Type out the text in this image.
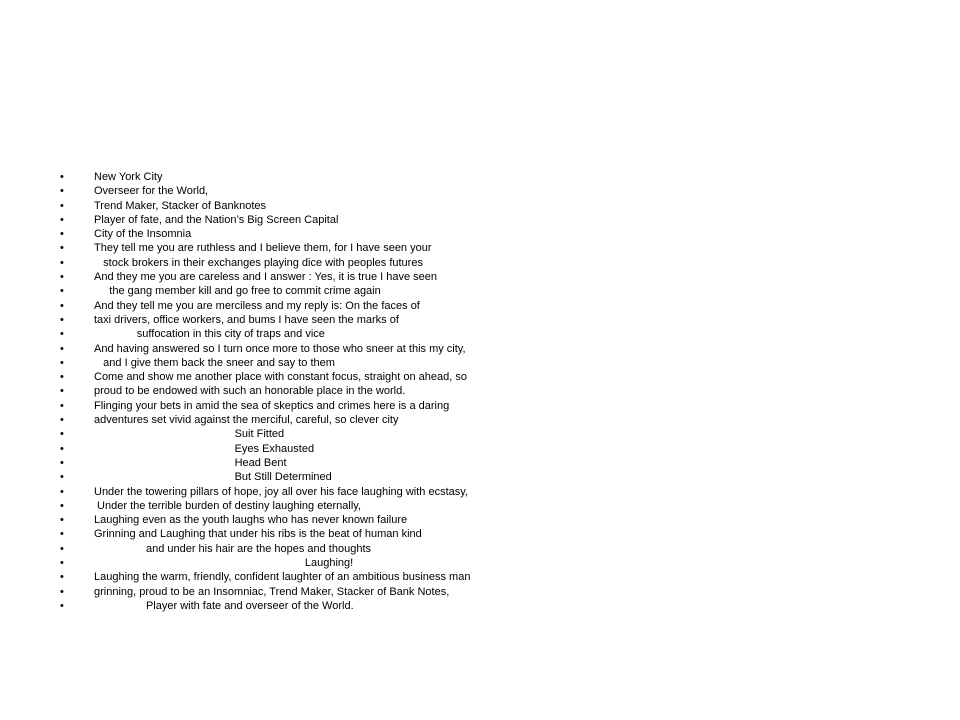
•	New York City
•	Overseer for the World,
•	Trend Maker, Stacker of Banknotes
•	Player of fate, and the Nation’s Big Screen Capital
•	City of the Insomnia
•	They tell me you are ruthless and I believe them, for I have seen your
•	stock brokers in their exchanges playing dice with peoples futures
•	And they me you are careless and I answer : Yes, it is true I have seen
•	the gang member kill and go free to commit crime again
•	And they tell me you are merciless and my reply is: On the faces of
•	taxi drivers, office workers, and bums I have seen the marks of
•	suffocation in this city of traps and vice
•	And having answered so I turn once more to those who sneer at this my city,
•	and I give them back the sneer and say to them
•	Come and show me another place with constant focus, straight on ahead, so
•	proud to be endowed with such an honorable place in the world.
•	Flinging your bets in amid the sea of skeptics and crimes here is a daring
•	adventures set vivid against the merciful, careful, so clever city
•	Suit Fitted
•	Eyes Exhausted
•	Head Bent
•	But Still Determined
•	Under the towering pillars of hope, joy all over his face laughing with ecstasy,
•	Under the terrible burden of destiny laughing eternally,
•	Laughing even as the youth laughs who has never known failure
•	Grinning and Laughing that under his ribs is the beat of human kind
•	and under his hair are the hopes and thoughts
•	Laughing!
•	Laughing the warm, friendly, confident laughter of an ambitious business man
•	grinning, proud to be an Insomniac, Trend Maker, Stacker of Bank Notes,
•	Player with fate and overseer of the World.
